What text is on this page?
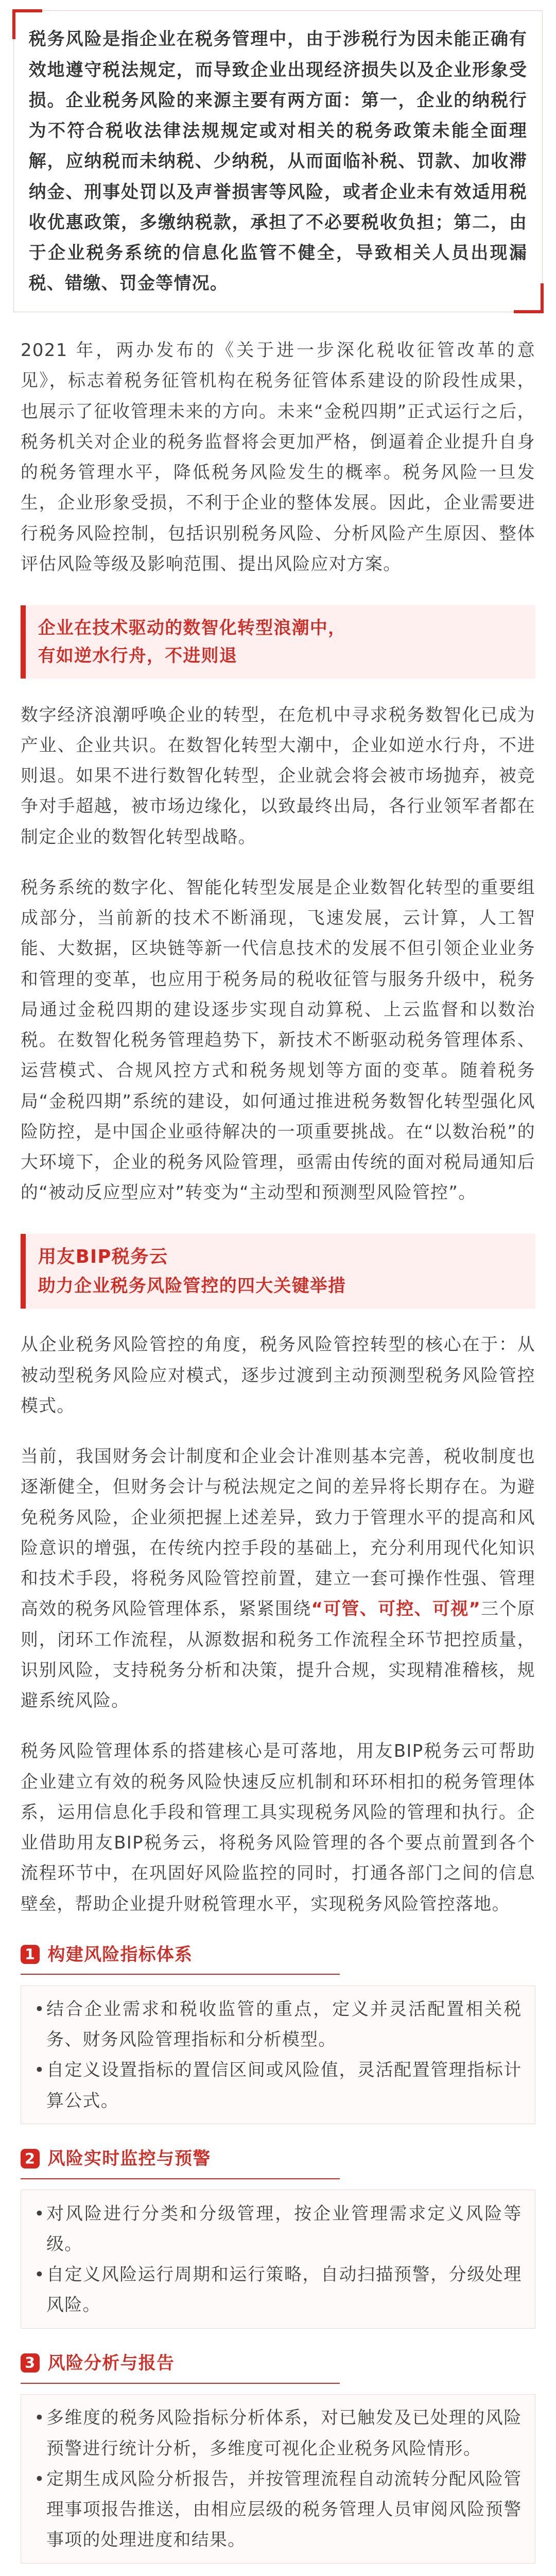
税务风险是指企业在税务管理中，由于涉税行为因未能正确有效地遵守税法规定，而导致企业出现经济损失以及企业形象受损。企业税务风险的来源主要有两方面：第一，企业的纳税行为不符合税收法律法规规定或对相关的税务政策未能全面理解，应纳税而未纳税、少纳税，从而面临补税、罚款、加收滞纳金、刑事处罚以及声誉损害等风险，或者企业未有效适用税收优惠政策，多缴纳税款，承担了不必要税收负担；第二，由于企业税务系统的信息化监管不健全，导致相关人员出现漏税、错缴、罚金等情况。

2021 年，两办发布的《关于进一步深化税收征管改革的意见》，标志着税务征管机构在税务征管体系建设的阶段性成果，也展示了征收管理未来的方向。未来“金税四期”正式运行之后，税务机关对企业的税务监督将会更加严格，倒逼着企业提升自身的税务管理水平，降低税务风险发生的概率。税务风险一旦发生，企业形象受损，不利于企业的整体发展。因此，企业需要进行税务风险控制，包括识别税务风险、分析风险产生原因、整体评估风险等级及影响范围、提出风险应对方案。

企业在技术驱动的数智化转型浪潮中，
有如逆水行舟，不进则退

数字经济浪潮呼唤企业的转型，在危机中寻求税务数智化已成为产业、企业共识。在数智化转型大潮中，企业如逆水行舟，不进则退。如果不进行数智化转型，企业就会将会被市场抛弃，被竞争对手超越，被市场边缘化，以致最终出局，各行业领军者都在制定企业的数智化转型战略。

税务系统的数字化、智能化转型发展是企业数智化转型的重要组成部分，当前新的技术不断涌现，飞速发展，云计算，人工智能、大数据，区块链等新一代信息技术的发展不但引领企业业务和管理的变革，也应用于税务局的税收征管与服务升级中，税务局通过金税四期的建设逐步实现自动算税、上云监督和以数治税。在数智化税务管理趋势下，新技术不断驱动税务管理体系、运营模式、合规风控方式和税务规划等方面的变革。随着税务局“金税四期”系统的建设，如何通过推进税务数智化转型强化风险防控，是中国企业亟待解决的一项重要挑战。在“以数治税”的大环境下，企业的税务风险管理，亟需由传统的面对税局通知后的“被动反应型应对”转变为“主动型和预测型风险管控”。

用友BIP税务云
助力企业税务风险管控的四大关键举措

从企业税务风险管控的角度，税务风险管控转型的核心在于：从被动型税务风险应对模式，逐步过渡到主动预测型税务风险管控模式。

当前，我国财务会计制度和企业会计准则基本完善，税收制度也逐渐健全，但财务会计与税法规定之间的差异将长期存在。为避免税务风险，企业须把握上述差异，致力于管理水平的提高和风险意识的增强，在传统内控手段的基础上，充分利用现代化知识和技术手段，将税务风险管控前置，建立一套可操作性强、管理高效的税务风险管理体系，紧紧围绕“可管、可控、可视”三个原则，闭环工作流程，从源数据和税务工作流程全环节把控质量，识别风险，支持税务分析和决策，提升合规，实现精准稽核，规避系统风险。

税务风险管理体系的搭建核心是可落地，用友BIP税务云可帮助企业建立有效的税务风险快速反应机制和环环相扣的税务管理体系，运用信息化手段和管理工具实现税务风险的管理和执行。企业借助用友BIP税务云，将税务风险管理的各个要点前置到各个流程环节中，在巩固好风险监控的同时，打通各部门之间的信息壁垒，帮助企业提升财税管理水平，实现税务风险管控落地。

1 构建风险指标体系

• 结合企业需求和税收监管的重点，定义并灵活配置相关税务、财务风险管理指标和分析模型。

• 自定义设置指标的置信区间或风险值，灵活配置管理指标计算公式。

2 风险实时监控与预警

• 对风险进行分类和分级管理，按企业管理需求定义风险等级。

• 自定义风险运行周期和运行策略，自动扫描预警，分级处理风险。

3 风险分析与报告

• 多维度的税务风险指标分析体系，对已触发及已处理的风险预警进行统计分析，多维度可视化企业税务风险情形。

• 定期生成风险分析报告，并按管理流程自动流转分配风险管理事项报告推送，由相应层级的税务管理人员审阅风险预警事项的处理进度和结果。
